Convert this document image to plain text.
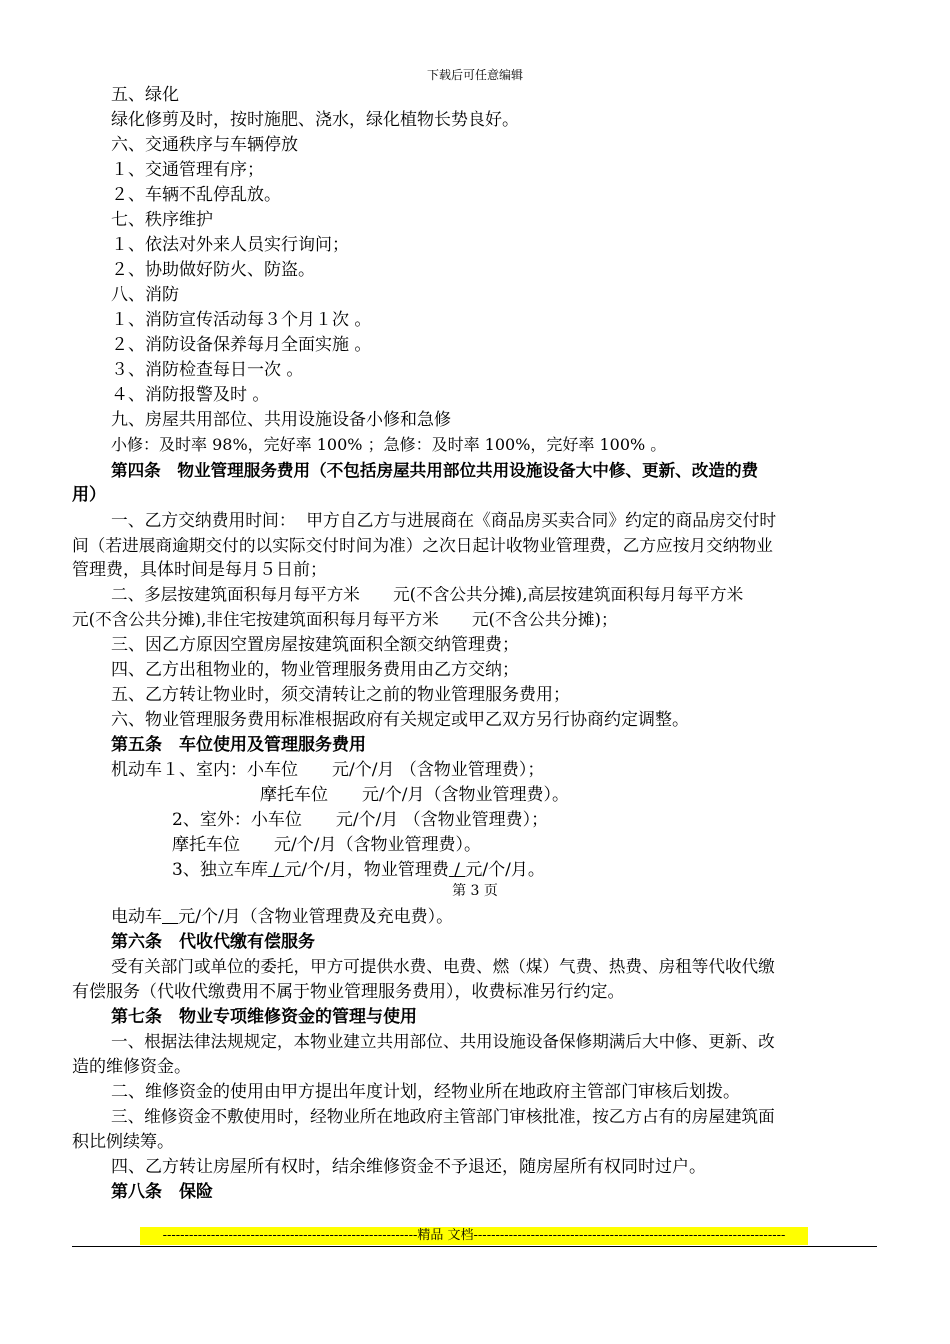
下载后可任意编辑
五、绿化
绿化修剪及时，按时施肥、浇水，绿化植物长势良好。
六、交通秩序与车辆停放
１、交通管理有序；
２、车辆不乱停乱放。
七、秩序维护
１、依法对外来人员实行询问；
２、协助做好防火、防盗。
八、消防
１、消防宣传活动每３个月１次 。
２、消防设备保养每月全面实施 。
３、消防检查每日一次 。
４、消防报警及时 。
九、房屋共用部位、共用设施设备小修和急修
小修：及时率 98%，完好率 100% ；急修：及时率 100%，完好率 100% 。
第四条　物业管理服务费用（不包括房屋共用部位共用设施设备大中修、更新、改造的费
用）
一、乙方交纳费用时间：  甲方自乙方与进展商在《商品房买卖合同》约定的商品房交付时
间（若进展商逾期交付的以实际交付时间为准）之次日起计收物业管理费，乙方应按月交纳物业
管理费，具体时间是每月５日前；
二、多层按建筑面积每月每平方米　　元(不含公共分摊),高层按建筑面积每月每平方米
元(不含公共分摊),非住宅按建筑面积每月每平方米　　元(不含公共分摊)；
三、因乙方原因空置房屋按建筑面积全额交纳管理费；
四、乙方出租物业的，物业管理服务费用由乙方交纳；
五、乙方转让物业时，须交清转让之前的物业管理服务费用；
六、物业管理服务费用标准根据政府有关规定或甲乙双方另行协商约定调整。
第五条　车位使用及管理服务费用
机动车１、室内：小车位　　元/个/月 （含物业管理费）；
摩托车位　　元/个/月（含物业管理费）。
2、室外：小车位　　元/个/月 （含物业管理费）；
摩托车位　　元/个/月（含物业管理费）。
3、独立车库 / 元/个/月，物业管理费 / 元/个/月。
第 3 页
电动车 元/个/月（含物业管理费及充电费）。
第六条　代收代缴有偿服务
受有关部门或单位的委托，甲方可提供水费、电费、燃（煤）气费、热费、房租等代收代缴
有偿服务（代收代缴费用不属于物业管理服务费用），收费标准另行约定。
第七条　物业专项维修资金的管理与使用
一、根据法律法规规定，本物业建立共用部位、共用设施设备保修期满后大中修、更新、改
造的维修资金。
二、维修资金的使用由甲方提出年度计划，经物业所在地政府主管部门审核后划拨。
三、维修资金不敷使用时，经物业所在地政府主管部门审核批准，按乙方占有的房屋建筑面
积比例续筹。
四、乙方转让房屋所有权时，结余维修资金不予退还，随房屋所有权同时过户。
第八条　保险
----------------------------------------------------------精品 文档-----------------------------------------------------------------------
